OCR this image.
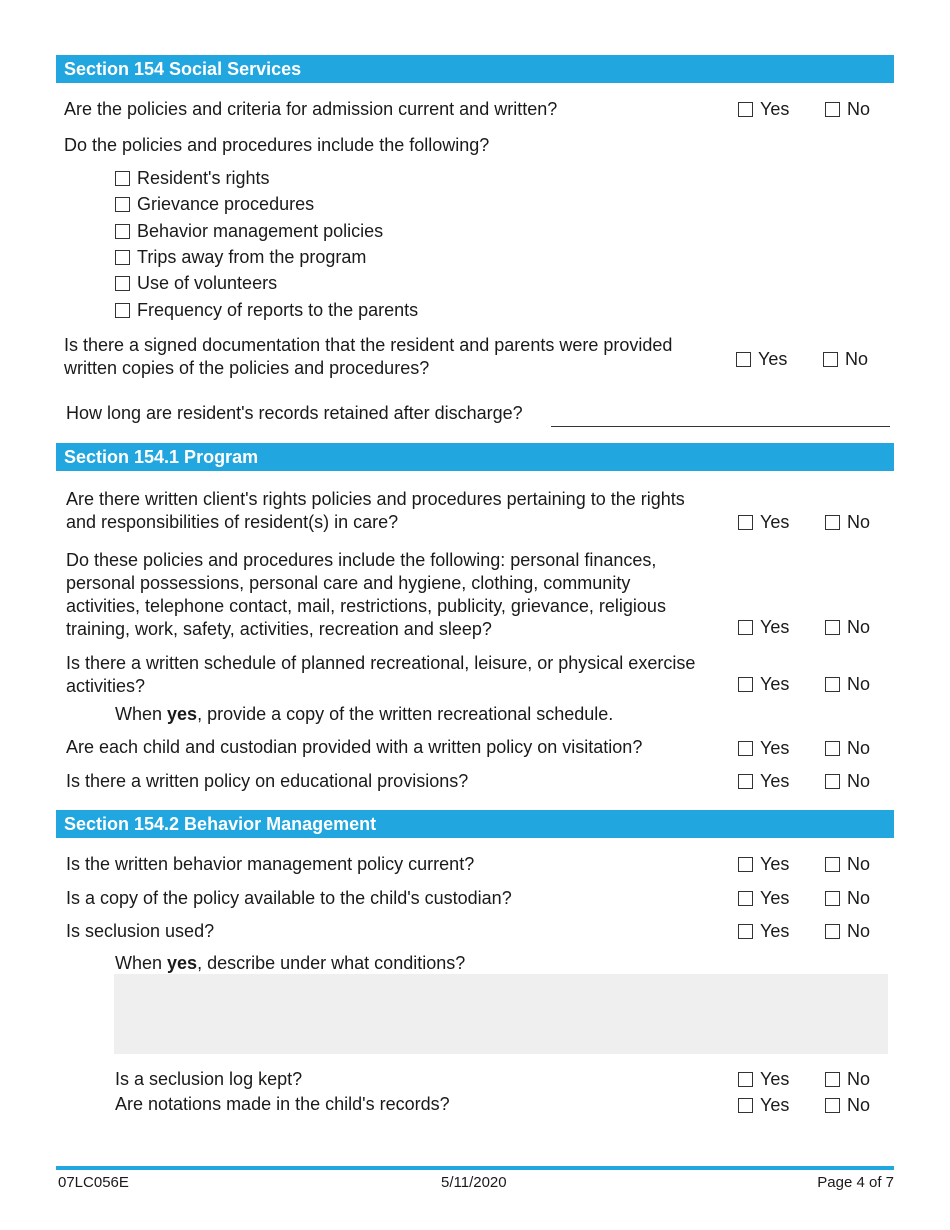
Section 154 Social Services
Are the policies and criteria for admission current and written?	Yes	No
Do the policies and procedures include the following?
Resident's rights
Grievance procedures
Behavior management policies
Trips away from the program
Use of volunteers
Frequency of reports to the parents
Is there a signed documentation that the resident and parents were provided
written copies of the policies and procedures?	Yes	No
How long are resident's records retained after discharge?
Section 154.1 Program
Are there written client's rights policies and procedures pertaining to the rights
and responsibilities of resident(s) in care?	Yes	No
Do these policies and procedures include the following: personal finances,
personal possessions, personal care and hygiene, clothing, community
activities, telephone contact, mail, restrictions, publicity, grievance, religious
training, work, safety, activities, recreation and sleep?	Yes	No
Is there a written schedule of planned recreational, leisure, or physical exercise
activities?	Yes	No
When yes, provide a copy of the written recreational schedule.
Are each child and custodian provided with a written policy on visitation?	Yes	No
Is there a written policy on educational provisions?	Yes	No
Section 154.2 Behavior Management
Is the written behavior management policy current?	Yes	No
Is a copy of the policy available to the child's custodian?	Yes	No
Is seclusion used?	Yes	No
When yes, describe under what conditions?
Is a seclusion log kept?	Yes	No
Are notations made in the child's records?	Yes	No
07LC056E	5/11/2020	Page 4 of 7
